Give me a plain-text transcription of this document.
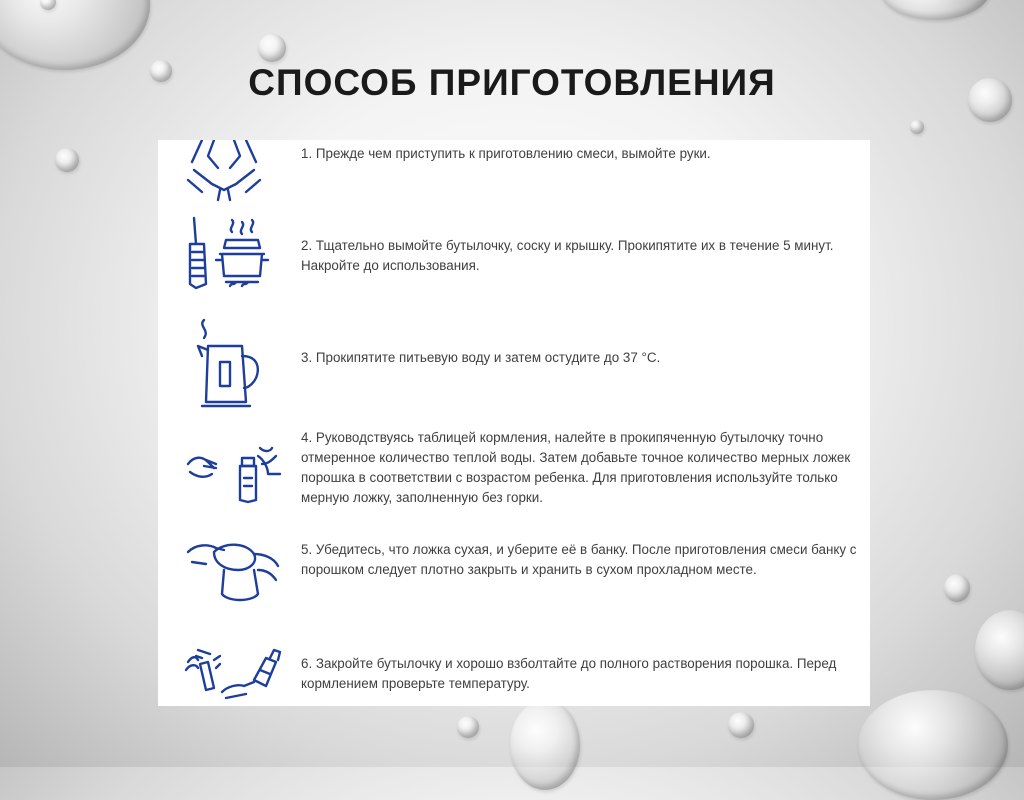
СПОСОБ ПРИГОТОВЛЕНИЯ
1. Прежде чем приступить к приготовлению смеси, вымойте руки.
2. Тщательно вымойте бутылочку, соску и крышку. Прокипятите их в течение 5 минут. Накройте до использования.
3. Прокипятите питьевую воду и затем остудите до 37 °С.
4. Руководствуясь таблицей кормления, налейте в прокипяченную бутылочку точно отмеренное количество теплой воды. Затем добавьте точное количество мерных ложек порошка в соответствии с возрастом ребенка. Для приготовления используйте только мерную ложку, заполненную без горки.
5. Убедитесь, что ложка сухая, и уберите её в банку. После приготовления смеси банку с порошком следует плотно закрыть и хранить в сухом прохладном месте.
6. Закройте бутылочку и хорошо взболтайте до полного растворения порошка. Перед кормлением проверьте температуру.
